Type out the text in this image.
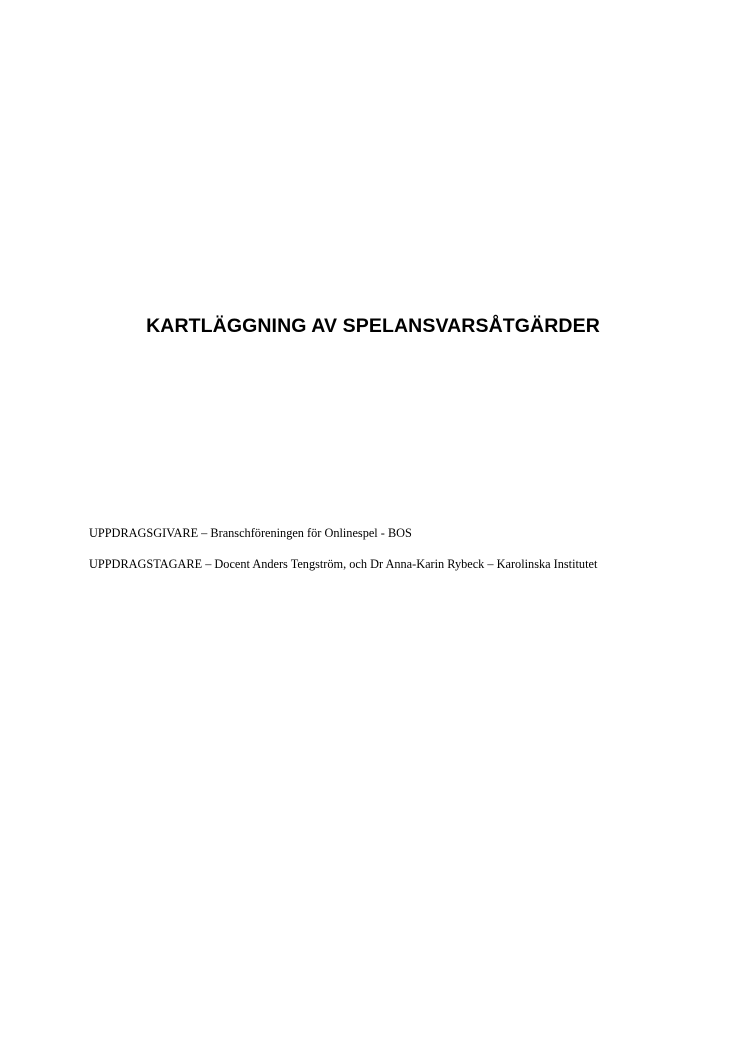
KARTLÄGGNING AV SPELANSVARSÅTGÄRDER

UPPDRAGSGIVARE – Branschföreningen för Onlinespel - BOS

UPPDRAGSTAGARE – Docent Anders Tengström, och Dr Anna-Karin Rybeck – Karolinska Institutet
